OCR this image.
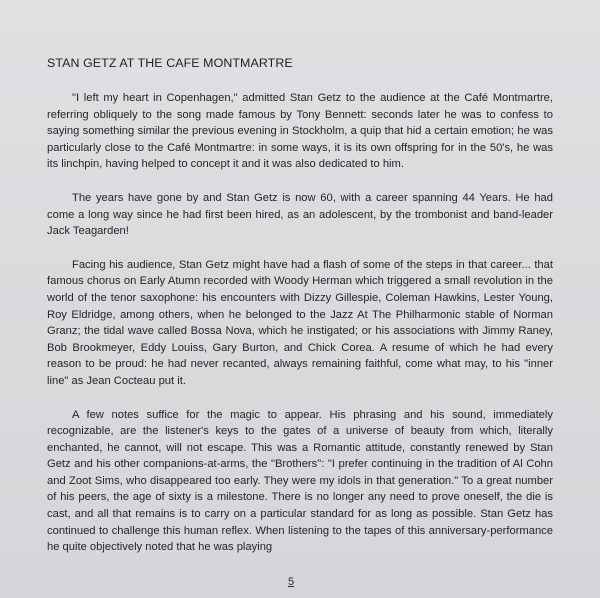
STAN GETZ AT THE CAFE MONTMARTRE

"I left my heart in Copenhagen," admitted Stan Getz to the audience at the Café Montmartre, referring obliquely to the song made famous by Tony Bennett: seconds later he was to confess to saying something similar the previous evening in Stockholm, a quip that hid a certain emotion; he was particularly close to the Café Montmartre: in some ways, it is its own offspring for in the 50's, he was its linchpin, having helped to concept it and it was also dedicated to him.

The years have gone by and Stan Getz is now 60, with a career spanning 44 Years. He had come a long way since he had first been hired, as an adolescent, by the trombonist and band-leader Jack Teagarden!

Facing his audience, Stan Getz might have had a flash of some of the steps in that career... that famous chorus on Early Atumn recorded with Woody Herman which triggered a small revolution in the world of the tenor saxophone: his encounters with Dizzy Gillespie, Coleman Hawkins, Lester Young, Roy Eldridge, among others, when he belonged to the Jazz At The Philharmonic stable of Norman Granz; the tidal wave called Bossa Nova, which he instigated; or his associations with Jimmy Raney, Bob Brookmeyer, Eddy Louiss, Gary Burton, and Chick Corea. A resume of which he had every reason to be proud: he had never recanted, always remaining faithful, come what may, to his "inner line" as Jean Cocteau put it.

A few notes suffice for the magic to appear. His phrasing and his sound, immediately recognizable, are the listener's keys to the gates of a universe of beauty from which, literally enchanted, he cannot, will not escape. This was a Romantic attitude, constantly renewed by Stan Getz and his other companions-at-arms, the "Brothers": "I prefer continuing in the tradition of Al Cohn and Zoot Sims, who disappeared too early. They were my idols in that generation." To a great number of his peers, the age of sixty is a milestone. There is no longer any need to prove oneself, the die is cast, and all that remains is to carry on a particular standard for as long as possible. Stan Getz has continued to challenge this human reflex. When listening to the tapes of this anniversary-performance he quite objectively noted that he was playing

5
